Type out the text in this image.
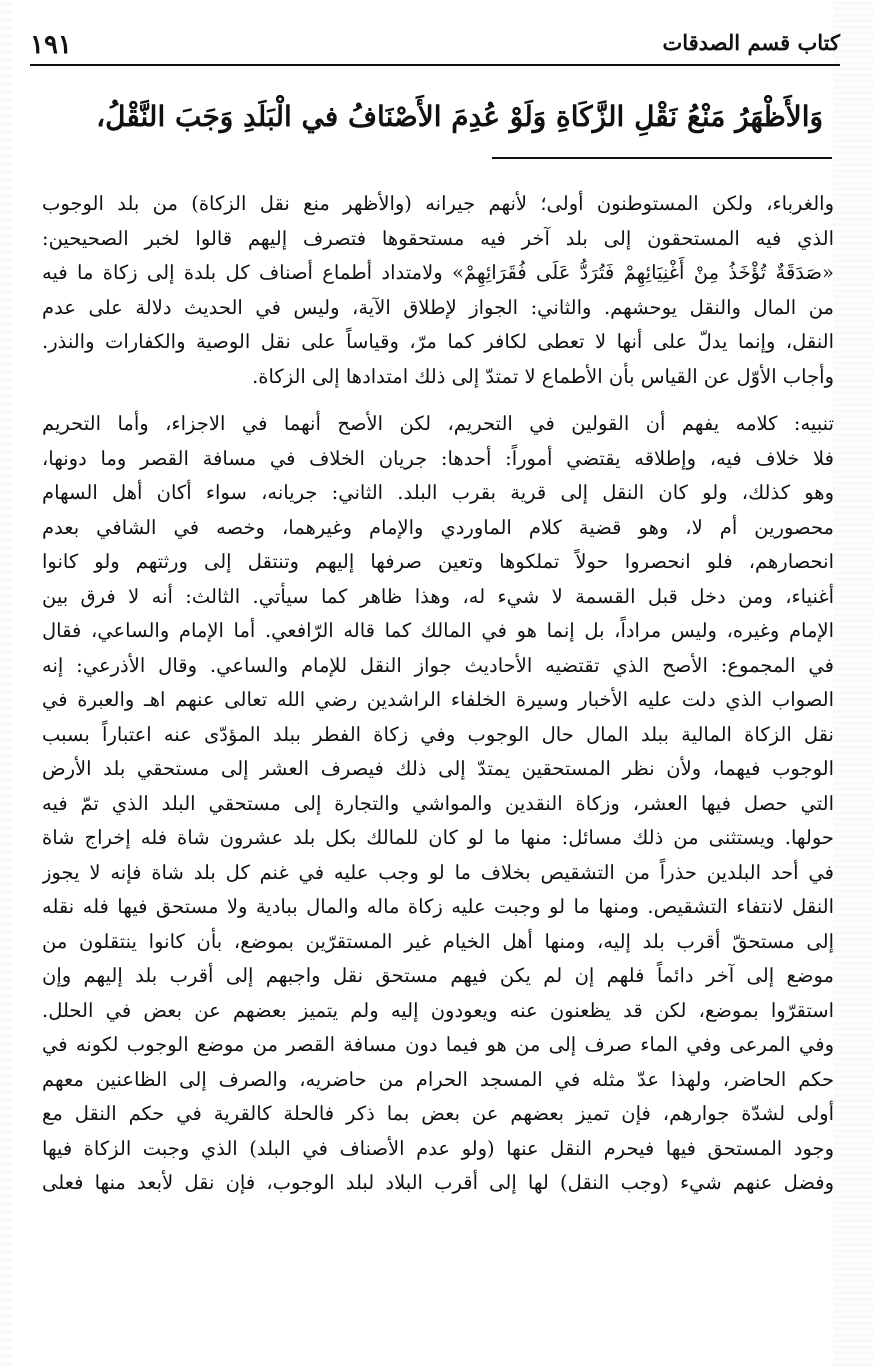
١٩١	كتاب قسم الصدقات
وَالأَظْهَرُ مَنْعُ نَقْلِ الزَّكَاةِ وَلَوْ عُدِمَ الأَصْنَافُ في الْبَلَدِ وَجَبَ النَّقْلُ،
والغرباء، ولكن المستوطنون أولى؛ لأنهم جيرانه (والأظهر منع نقل الزكاة) من بلد الوجوب
الذي فيه المستحقون إلى بلد آخر فيه مستحقوها فتصرف إليهم قالوا لخبر الصحيحين:
«صَدَقَةٌ تُؤْخَذُ مِنْ أَغْنِيَائِهِمْ فَتُرَدُّ عَلَى فُقَرَائِهِمْ» ولامتداد أطماع أصناف كل بلدة إلى زكاة ما فيه
من المال والنقل يوحشهم. والثاني: الجواز لإطلاق الآية، وليس في الحديث دلالة على عدم
النقل، وإنما يدلّ على أنها لا تعطى لكافر كما مرّ، وقياساً على نقل الوصية والكفارات والنذر.
وأجاب الأوّل عن القياس بأن الأطماع لا تمتدّ إلى ذلك امتدادها إلى الزكاة.
تنبيه: كلامه يفهم أن القولين في التحريم، لكن الأصح أنهما في الاجزاء، وأما التحريم
فلا خلاف فيه، وإطلاقه يقتضي أموراً: أحدها: جريان الخلاف في مسافة القصر وما دونها،
وهو كذلك، ولو كان النقل إلى قرية بقرب البلد. الثاني: جريانه، سواء أكان أهل السهام
محصورين أم لا، وهو قضية كلام الماوردي والإمام وغيرهما، وخصه في الشافي بعدم
انحصارهم، فلو انحصروا حولاً تملكوها وتعين صرفها إليهم وتنتقل إلى ورثتهم ولو كانوا
أغنياء، ومن دخل قبل القسمة لا شيء له، وهذا ظاهر كما سيأتي. الثالث: أنه لا فرق بين
الإمام وغيره، وليس مراداً، بل إنما هو في المالك كما قاله الرّافعي. أما الإمام والساعي، فقال
في المجموع: الأصح الذي تقتضيه الأحاديث جواز النقل للإمام والساعي. وقال الأذرعي: إنه
الصواب الذي دلت عليه الأخبار وسيرة الخلفاء الراشدين رضي الله تعالى عنهم اهـ والعبرة في
نقل الزكاة المالية ببلد المال حال الوجوب وفي زكاة الفطر ببلد المؤدّى عنه اعتباراً بسبب
الوجوب فيهما، ولأن نظر المستحقين يمتدّ إلى ذلك فيصرف العشر إلى مستحقي بلد الأرض
التي حصل فيها العشر، وزكاة النقدين والمواشي والتجارة إلى مستحقي البلد الذي تمّ فيه
حولها. ويستثنى من ذلك مسائل: منها ما لو كان للمالك بكل بلد عشرون شاة فله إخراج شاة
في أحد البلدين حذراً من التشقيص بخلاف ما لو وجب عليه في غنم كل بلد شاة فإنه لا يجوز
النقل لانتفاء التشقيص. ومنها ما لو وجبت عليه زكاة ماله والمال ببادية ولا مستحق فيها فله نقله
إلى مستحقّ أقرب بلد إليه، ومنها أهل الخيام غير المستقرّين بموضع، بأن كانوا ينتقلون من
موضع إلى آخر دائماً فلهم إن لم يكن فيهم مستحق نقل واجبهم إلى أقرب بلد إليهم وإن
استقرّوا بموضع، لكن قد يظعنون عنه ويعودون إليه ولم يتميز بعضهم عن بعض في الحلل.
وفي المرعى وفي الماء صرف إلى من هو فيما دون مسافة القصر من موضع الوجوب لكونه في
حكم الحاضر، ولهذا عدّ مثله في المسجد الحرام من حاضريه، والصرف إلى الظاعنين معهم
أولى لشدّة جوارهم، فإن تميز بعضهم عن بعض بما ذكر فالحلة كالقرية في حكم النقل مع
وجود المستحق فيها فيحرم النقل عنها (ولو عدم الأصناف في البلد) الذي وجبت الزكاة فيها
وفضل عنهم شيء (وجب النقل) لها إلى أقرب البلاد لبلد الوجوب، فإن نقل لأبعد منها فعلى
